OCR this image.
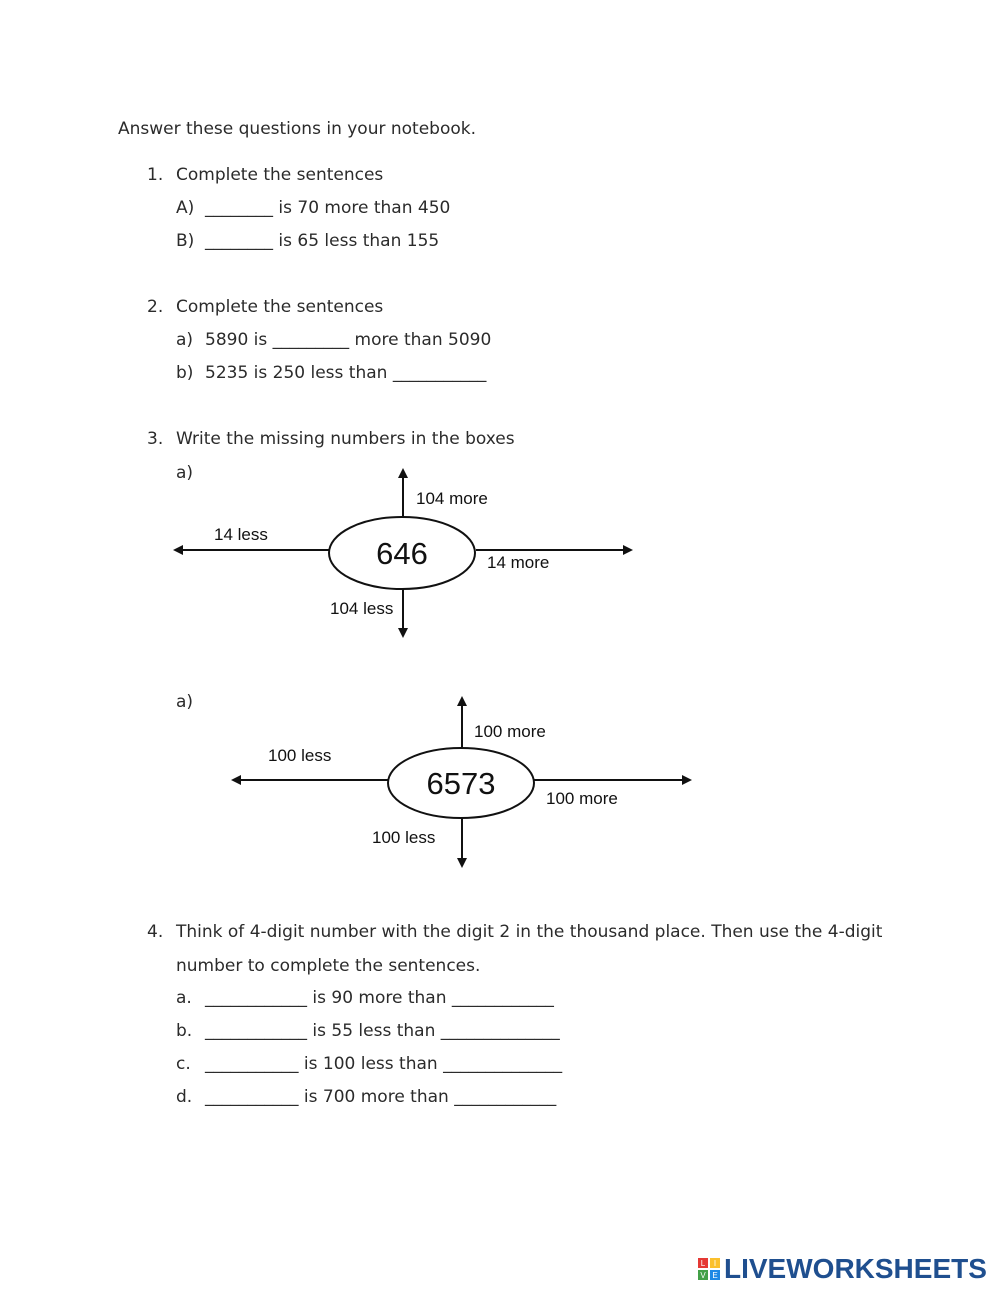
Answer these questions in your notebook.
1. Complete the sentences
A) ________ is 70 more than 450
B) ________ is 65 less than 155
2. Complete the sentences
a) 5890 is _________ more than 5090
b) 5235 is 250 less than ___________
3. Write the missing numbers in the boxes
a)
a)
646
104 more
14 less
14 more
104 less
6573
100 more
100 less
100 more
100 less
L I
V E
4. Think of 4-digit number with the digit 2 in the thousand place. Then use the 4-digit
number to complete the sentences.
a. ____________ is 90 more than ____________
b. ____________ is 55 less than ______________
c. ___________ is 100 less than ______________
d. ___________ is 700 more than ____________
LIVEWORKSHEETS
